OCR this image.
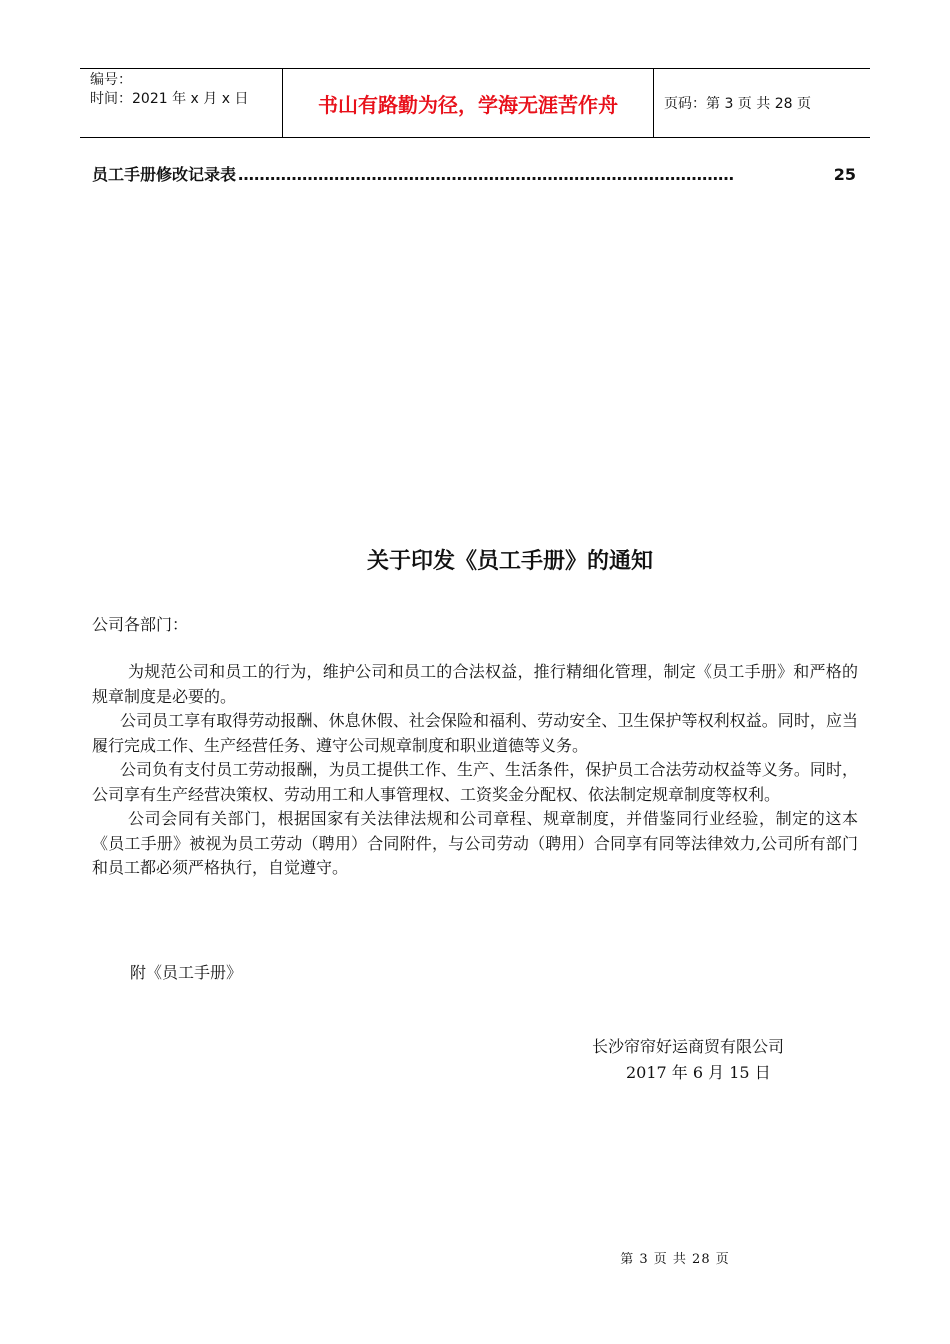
编号：
时间：2021 年 x 月 x 日	书山有路勤为径，学海无涯苦作舟	页码：第 3 页 共 28 页
员工手册修改记录表 …………………………………………………………………………………	25
关于印发《员工手册》的通知
公司各部门：

为规范公司和员工的行为，维护公司和员工的合法权益，推行精细化管理，制定《员工手册》和严格的规章制度是必要的。

公司员工享有取得劳动报酬、休息休假、社会保险和福利、劳动安全、卫生保护等权利权益。同时，应当履行完成工作、生产经营任务、遵守公司规章制度和职业道德等义务。

公司负有支付员工劳动报酬，为员工提供工作、生产、生活条件，保护员工合法劳动权益等义务。同时，公司享有生产经营决策权、劳动用工和人事管理权、工资奖金分配权、依法制定规章制度等权利。

公司会同有关部门，根据国家有关法律法规和公司章程、规章制度，并借鉴同行业经验，制定的这本《员工手册》被视为员工劳动（聘用）合同附件，与公司劳动（聘用）合同享有同等法律效力,公司所有部门和员工都必须严格执行，自觉遵守。

附《员工手册》
长沙帘帘好运商贸有限公司
2017 年 6 月 15 日
第 3 页 共 28 页
